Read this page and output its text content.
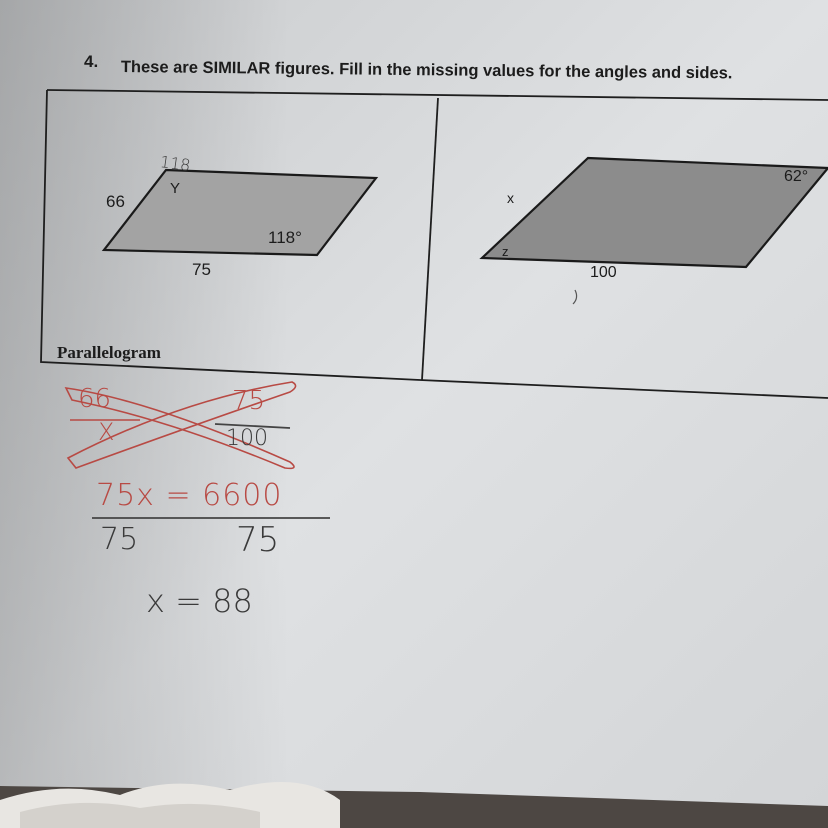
4. These are SIMILAR figures. Fill in the missing values for the angles and sides.
66
75
118°
Y
Parallelogram
62°
x
z
100
118
66
X
75
100
75x = 6600
75	75
x = 88
